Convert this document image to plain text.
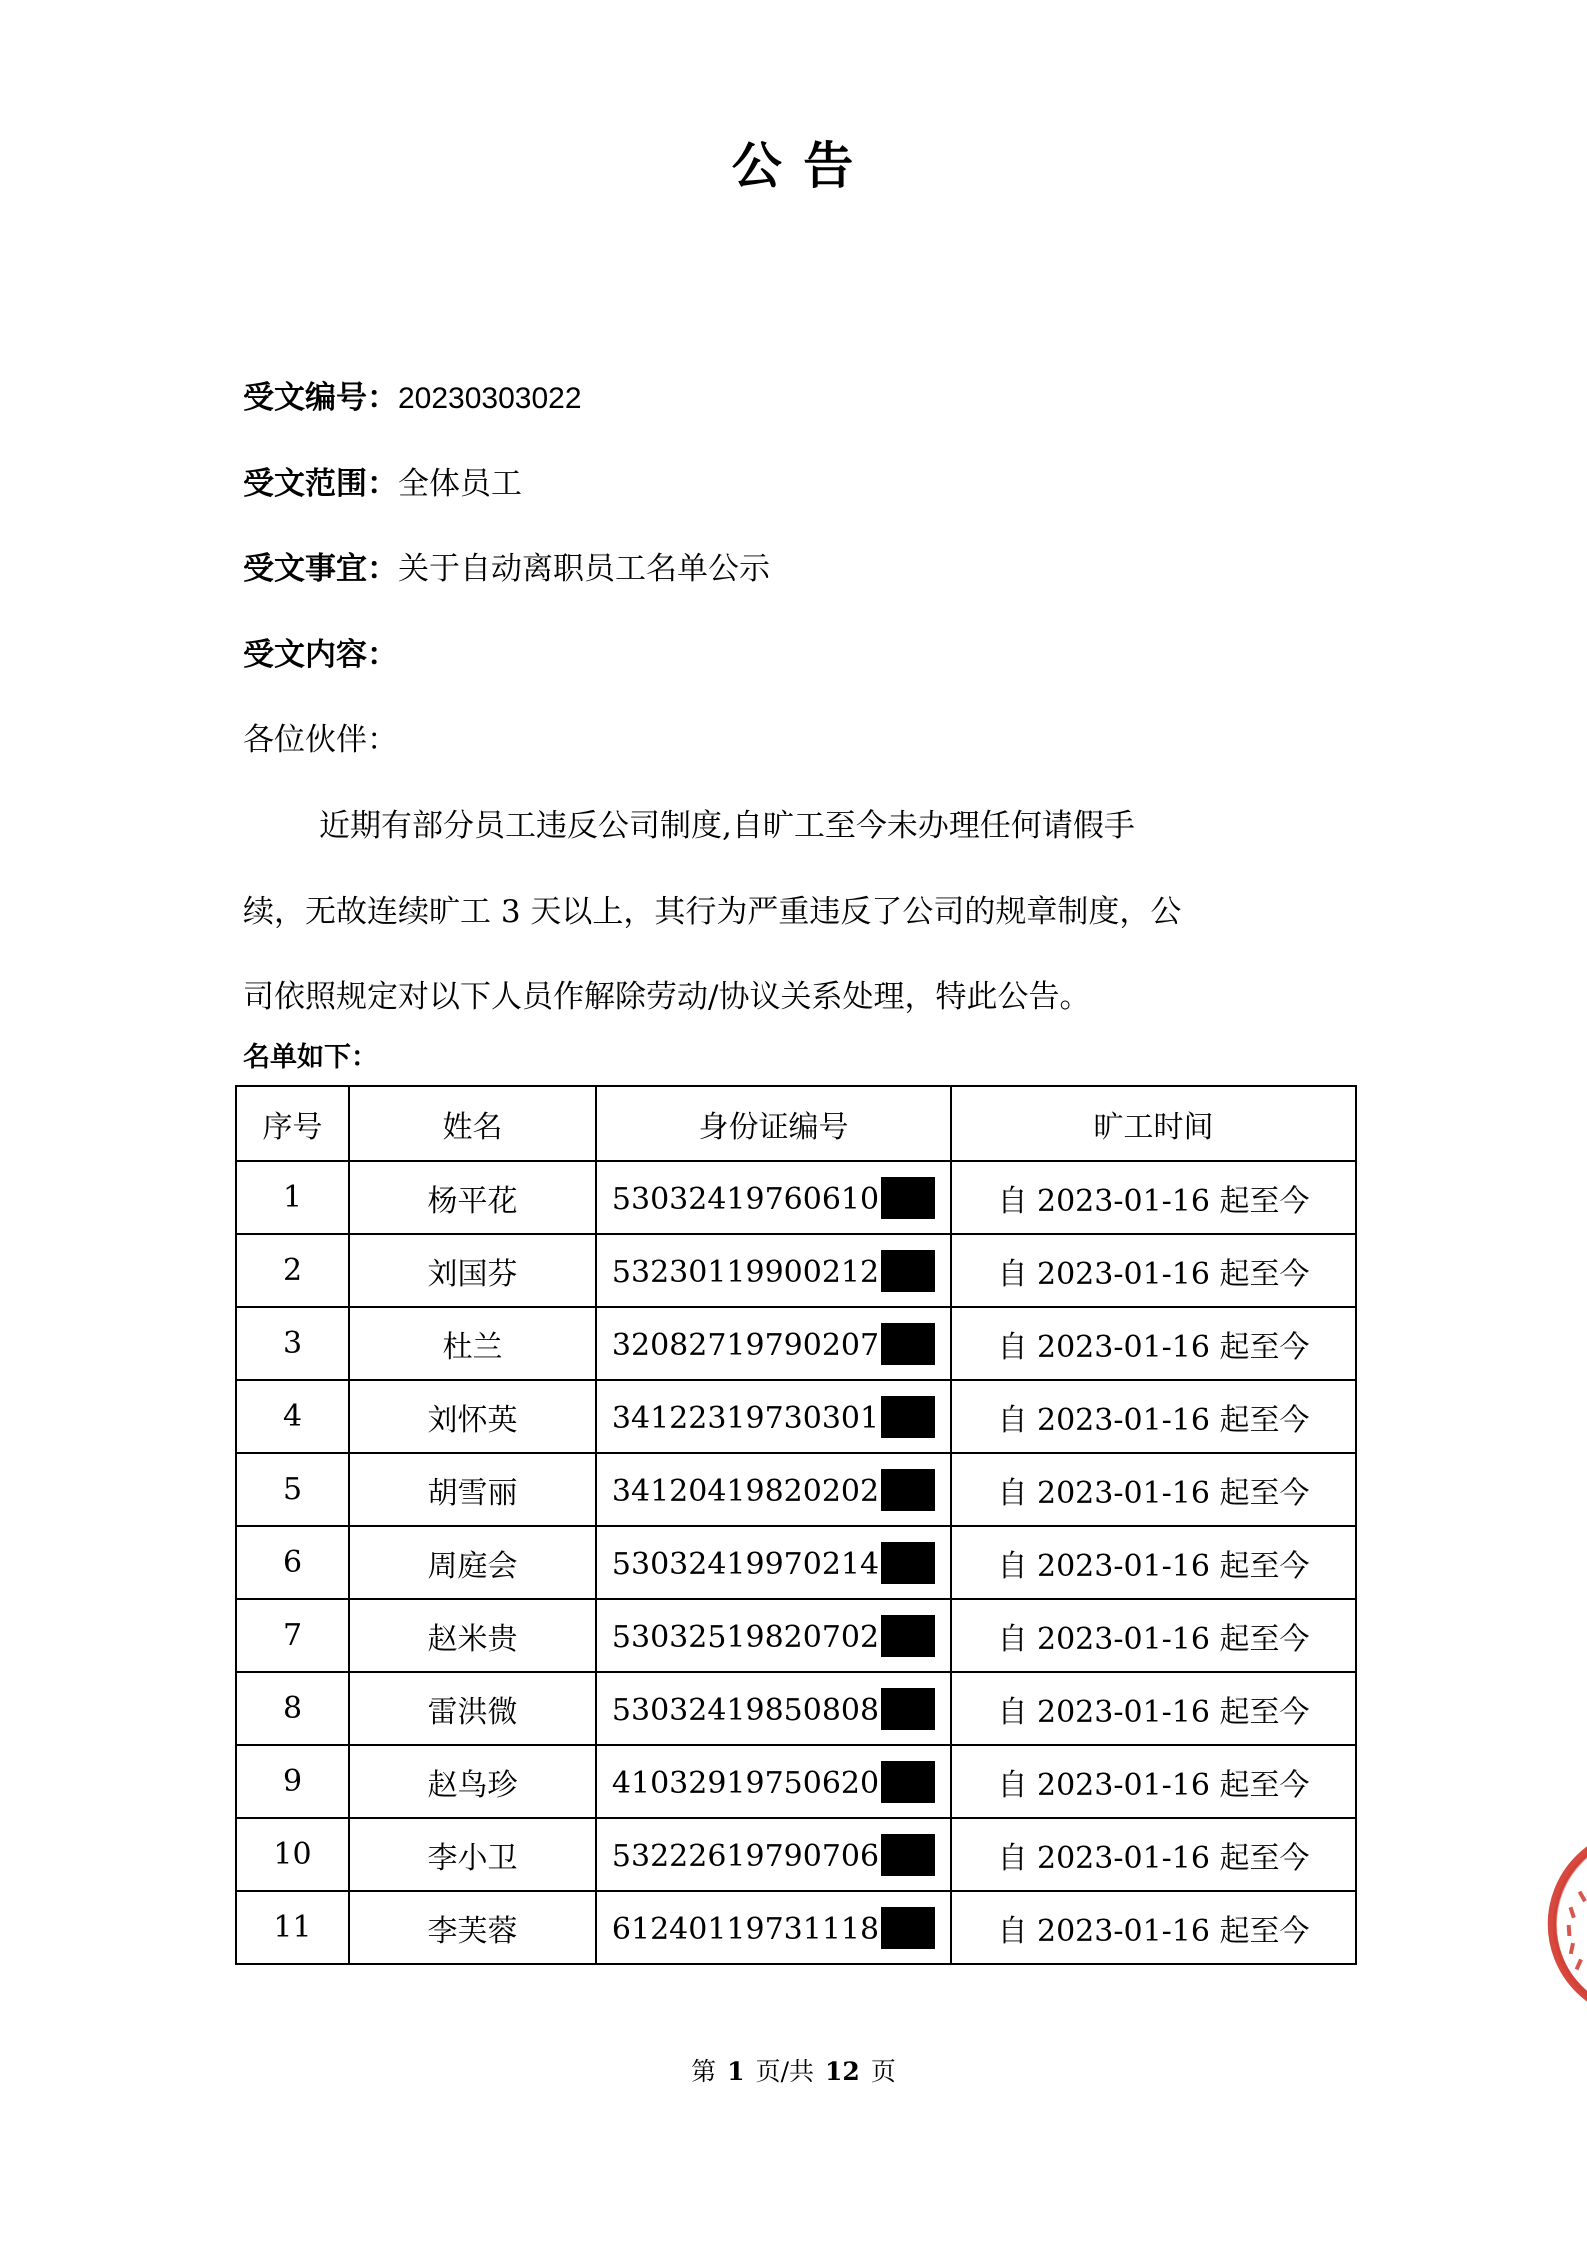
公 告
受文编号：20230303022
受文范围：全体员工
受文事宜：关于自动离职员工名单公示
受文内容：
各位伙伴：
近期有部分员工违反公司制度,自旷工至今未办理任何请假手
续，无故连续旷工 3 天以上，其行为严重违反了公司的规章制度，公
司依照规定对以下人员作解除劳动/协议关系处理，特此公告。
名单如下：
序号	姓名	身份证编号	旷工时间
1	杨平花	53032419760610	自 2023-01-16 起至今
2	刘国芬	53230119900212	自 2023-01-16 起至今
3	杜兰	32082719790207	自 2023-01-16 起至今
4	刘怀英	34122319730301	自 2023-01-16 起至今
5	胡雪丽	34120419820202	自 2023-01-16 起至今
6	周庭会	53032419970214	自 2023-01-16 起至今
7	赵米贵	53032519820702	自 2023-01-16 起至今
8	雷洪微	53032419850808	自 2023-01-16 起至今
9	赵鸟珍	41032919750620	自 2023-01-16 起至今
10	李小卫	53222619790706	自 2023-01-16 起至今
11	李芙蓉	61240119731118	自 2023-01-16 起至今
第 1 页/共 12 页
